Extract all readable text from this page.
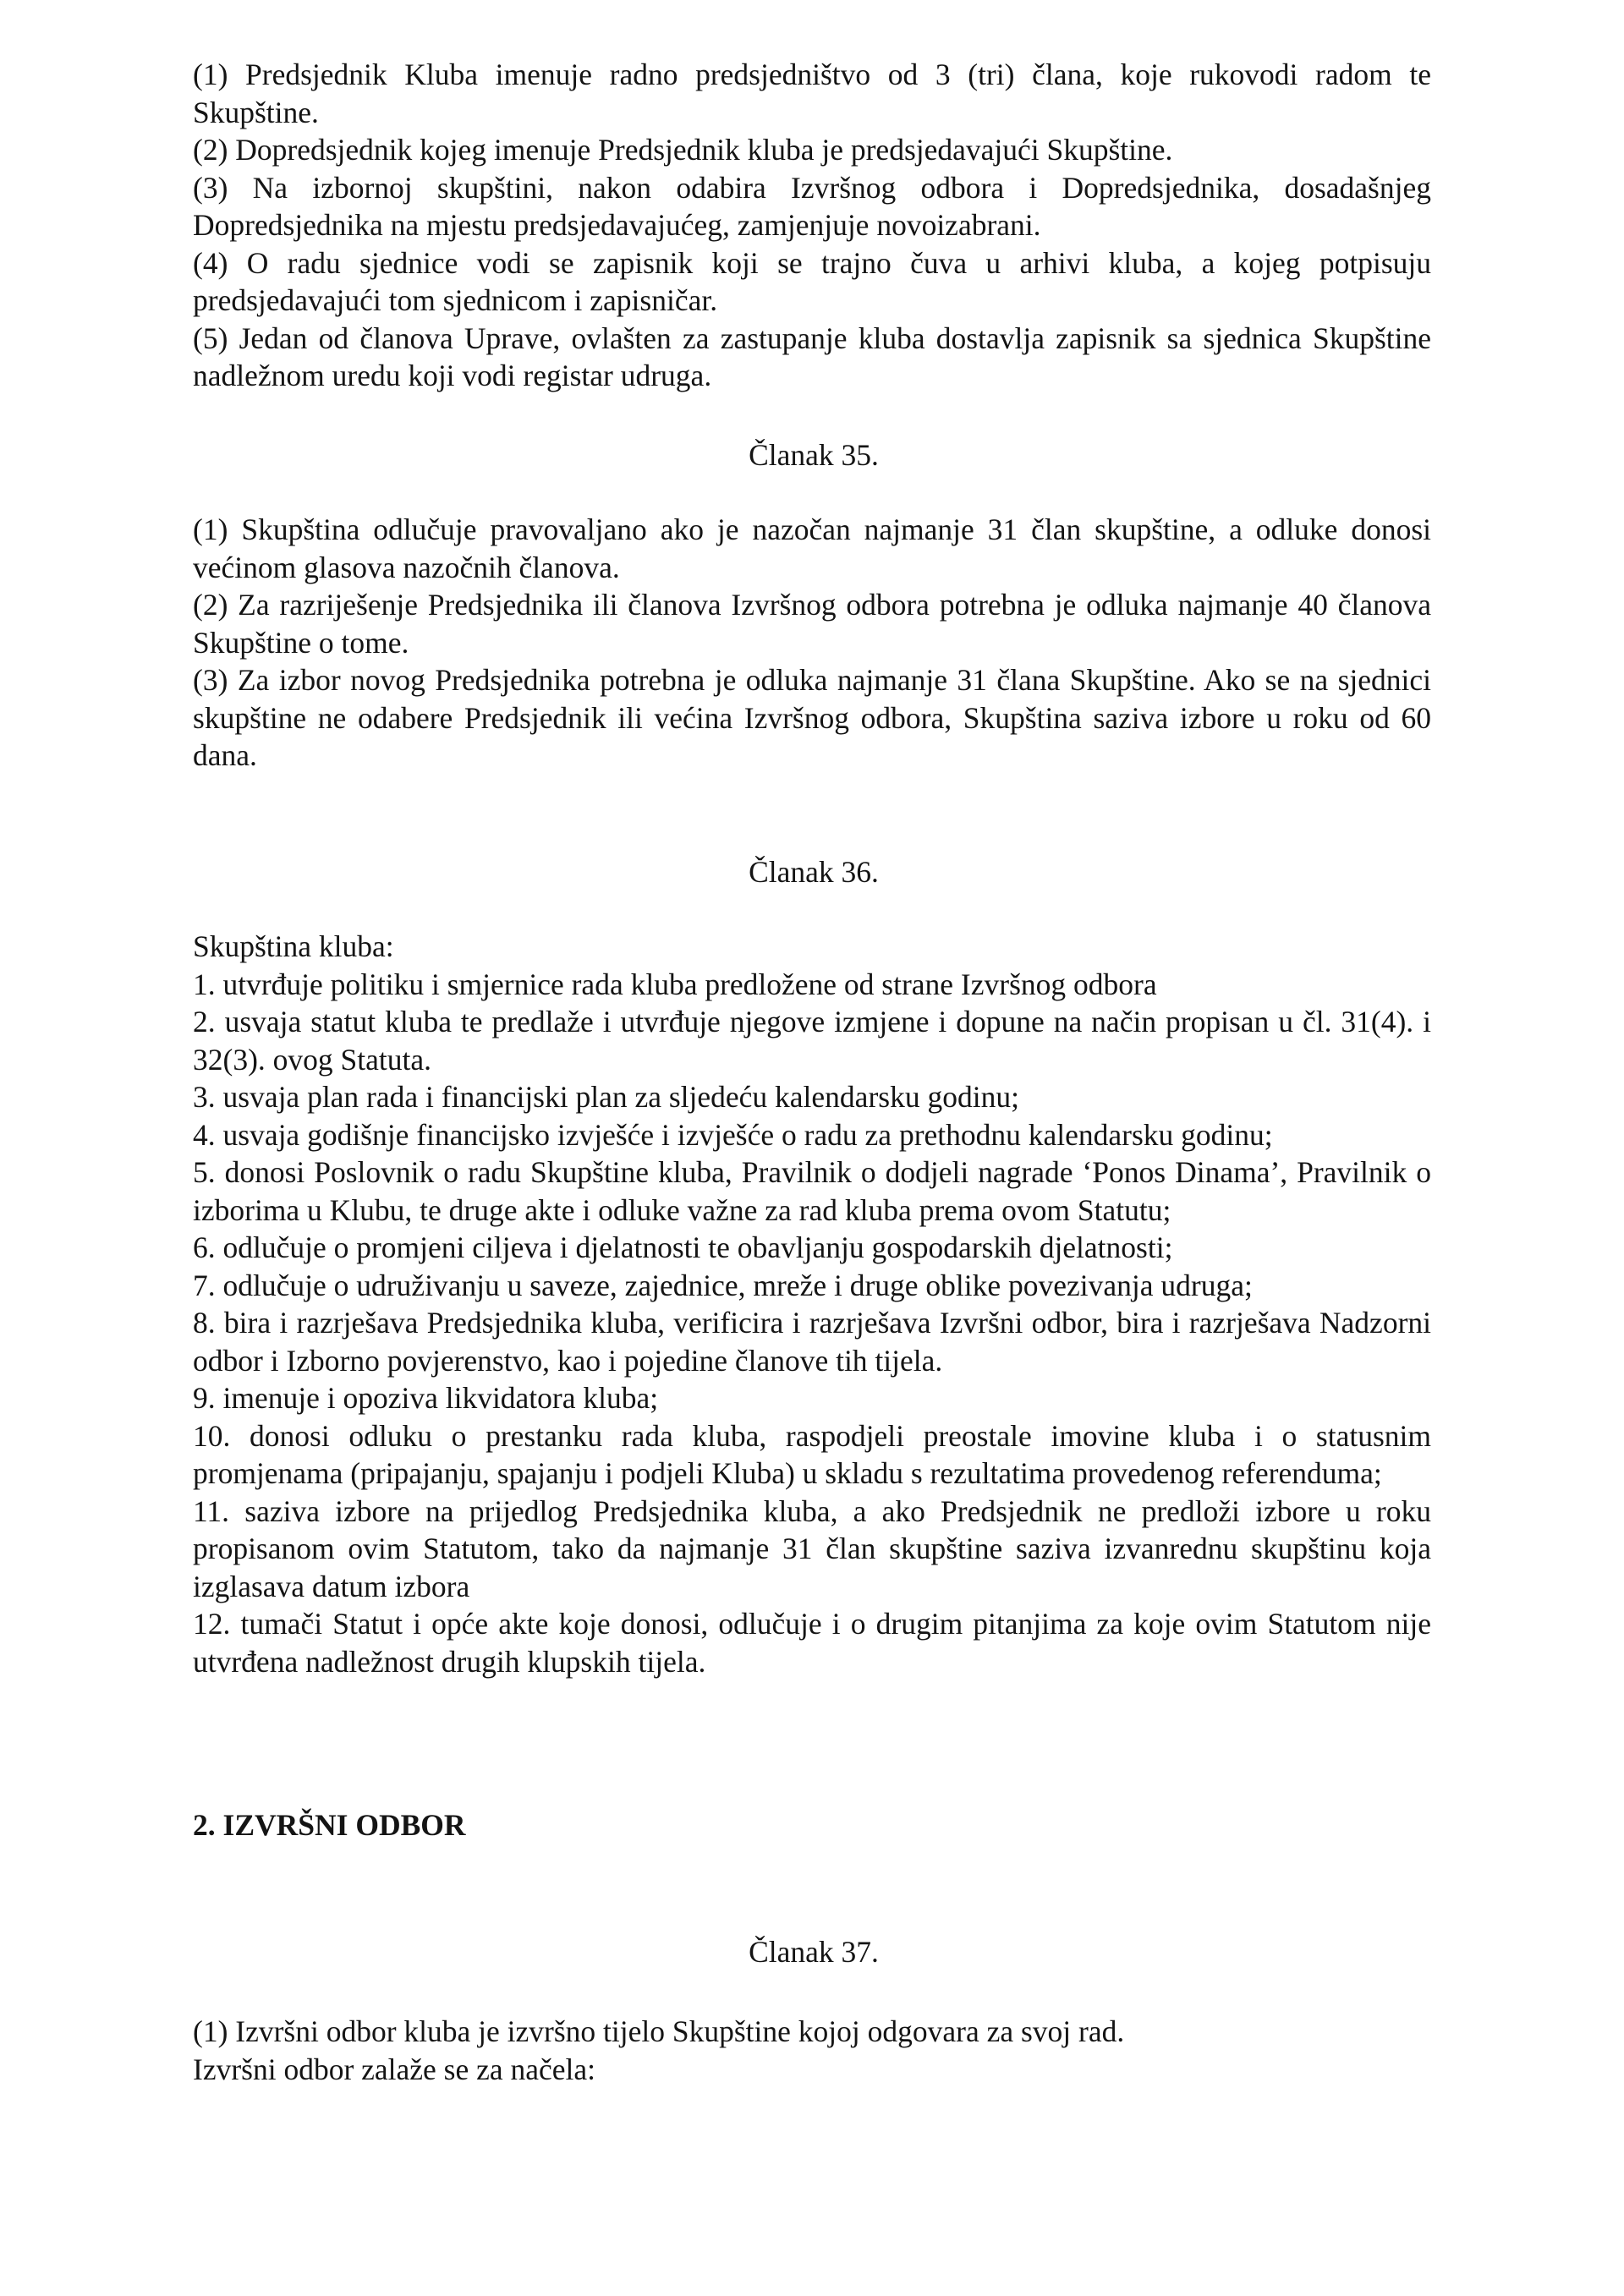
(1) Predsjednik Kluba imenuje radno predsjedništvo od 3 (tri) člana, koje rukovodi radom te Skupštine.

(2) Dopredsjednik kojeg imenuje Predsjednik kluba je predsjedavajući Skupštine.

(3) Na izbornoj skupštini, nakon odabira Izvršnog odbora i Dopredsjednika, dosadašnjeg Dopredsjednika na mjestu predsjedavajućeg, zamjenjuje novoizabrani.

(4) O radu sjednice vodi se zapisnik koji se trajno čuva u arhivi kluba, a kojeg potpisuju predsjedavajući tom sjednicom i zapisničar.

(5) Jedan od članova Uprave, ovlašten za zastupanje kluba dostavlja zapisnik sa sjednica Skupštine nadležnom uredu koji vodi registar udruga.

Članak 35.

(1) Skupština odlučuje pravovaljano ako je nazočan najmanje 31 član skupštine, a odluke donosi većinom glasova nazočnih članova.

(2) Za razriješenje Predsjednika ili članova Izvršnog odbora potrebna je odluka najmanje 40 članova Skupštine o tome.

(3) Za izbor novog Predsjednika potrebna je odluka najmanje 31 člana Skupštine. Ako se na sjednici skupštine ne odabere Predsjednik ili većina Izvršnog odbora, Skupština saziva izbore u roku od 60 dana.

Članak 36.

Skupština kluba:

1. utvrđuje politiku i smjernice rada kluba predložene od strane Izvršnog odbora

2. usvaja statut kluba te predlaže i utvrđuje njegove izmjene i dopune na način propisan u čl. 31(4). i 32(3). ovog Statuta.

3. usvaja plan rada i financijski plan za sljedeću kalendarsku godinu;

4. usvaja godišnje financijsko izvješće i izvješće o radu za prethodnu kalendarsku godinu;

5. donosi Poslovnik o radu Skupštine kluba, Pravilnik o dodjeli nagrade ‘Ponos Dinama’, Pravilnik o izborima u Klubu, te druge akte i odluke važne za rad kluba prema ovom Statutu;

6. odlučuje o promjeni ciljeva i djelatnosti te obavljanju gospodarskih djelatnosti;

7. odlučuje o udruživanju u saveze, zajednice, mreže i druge oblike povezivanja udruga;

8. bira i razrješava Predsjednika kluba, verificira i razrješava Izvršni odbor, bira i razrješava Nadzorni odbor i Izborno povjerenstvo, kao i pojedine članove tih tijela.

9. imenuje i opoziva likvidatora kluba;

10. donosi odluku o prestanku rada kluba, raspodjeli preostale imovine kluba i o statusnim promjenama (pripajanju, spajanju i podjeli Kluba) u skladu s rezultatima provedenog referenduma;

11. saziva izbore na prijedlog Predsjednika kluba, a ako Predsjednik ne predloži izbore u roku propisanom ovim Statutom, tako da najmanje 31 član skupštine saziva izvanrednu skupštinu koja izglasava datum izbora

12. tumači Statut i opće akte koje donosi, odlučuje i o drugim pitanjima za koje ovim Statutom nije utvrđena nadležnost drugih klupskih tijela.

2. IZVRŠNI ODBOR

Članak 37.

(1) Izvršni odbor kluba je izvršno tijelo Skupštine kojoj odgovara za svoj rad.

Izvršni odbor zalaže se za načela:
